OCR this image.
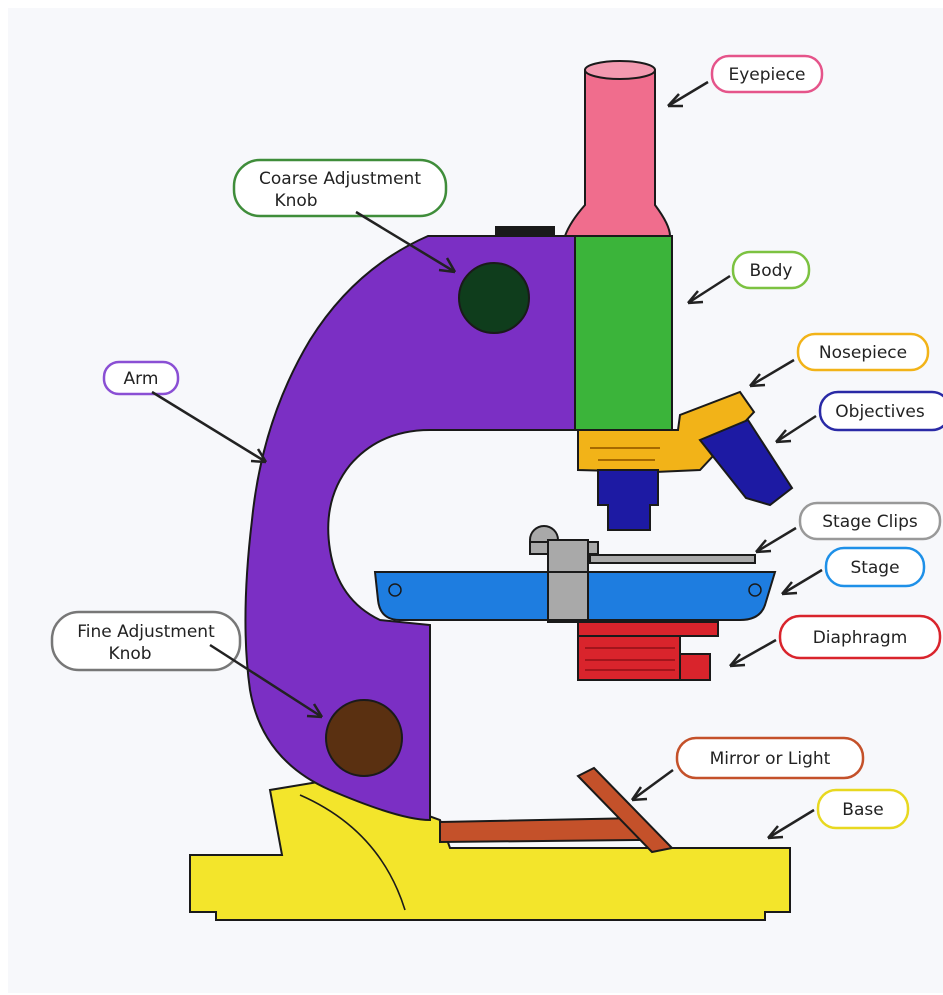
Eyepiece
Coarse Adjustment
Knob
Body
Arm
Nosepiece
Objectives
Stage Clips
Stage
Fine Adjustment
Knob
Diaphragm
Mirror or Light
Base
